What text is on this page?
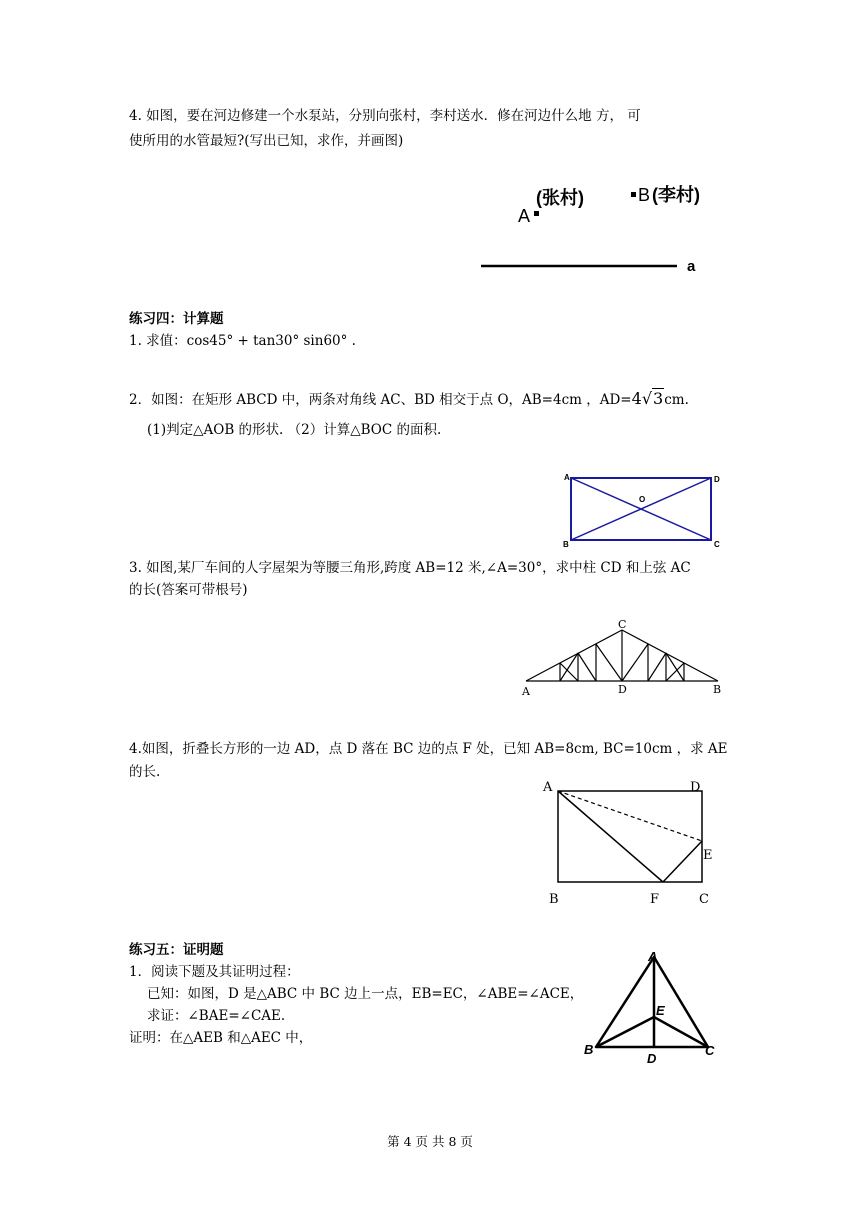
4. 如图，要在河边修建一个水泵站，分别向张村，李村送水．修在河边什么地 方， 可
使所用的水管最短?(写出已知，求作，并画图)
A
(张村)	B (李村)
a
练习四：计算题
1. 求值：cos45° + tan30° sin60° .
2．如图：在矩形 ABCD 中，两条对角线 AC、BD 相交于点 O，AB=4cm ，AD=4√3cm.
(1)判定△AOB 的形状. （2）计算△BOC 的面积.
A	D
B	C
O
3. 如图,某厂车间的人字屋架为等腰三角形,跨度 AB=12 米,∠A=30°，求中柱 CD 和上弦 AC
的长(答案可带根号)
C
A	D	B
4.如图，折叠长方形的一边 AD，点 D 落在 BC 边的点 F 处，已知 AB=8cm, BC=10cm ，求 AE
的长.
A	D
E
B	F	C
练习五：证明题
1．阅读下题及其证明过程：
已知：如图，D 是△ABC 中 BC 边上一点，EB=EC，∠ABE=∠ACE，
求证：∠BAE=∠CAE.
证明：在△AEB 和△AEC 中，
A
E
B
D
C
第 4 页 共 8 页
